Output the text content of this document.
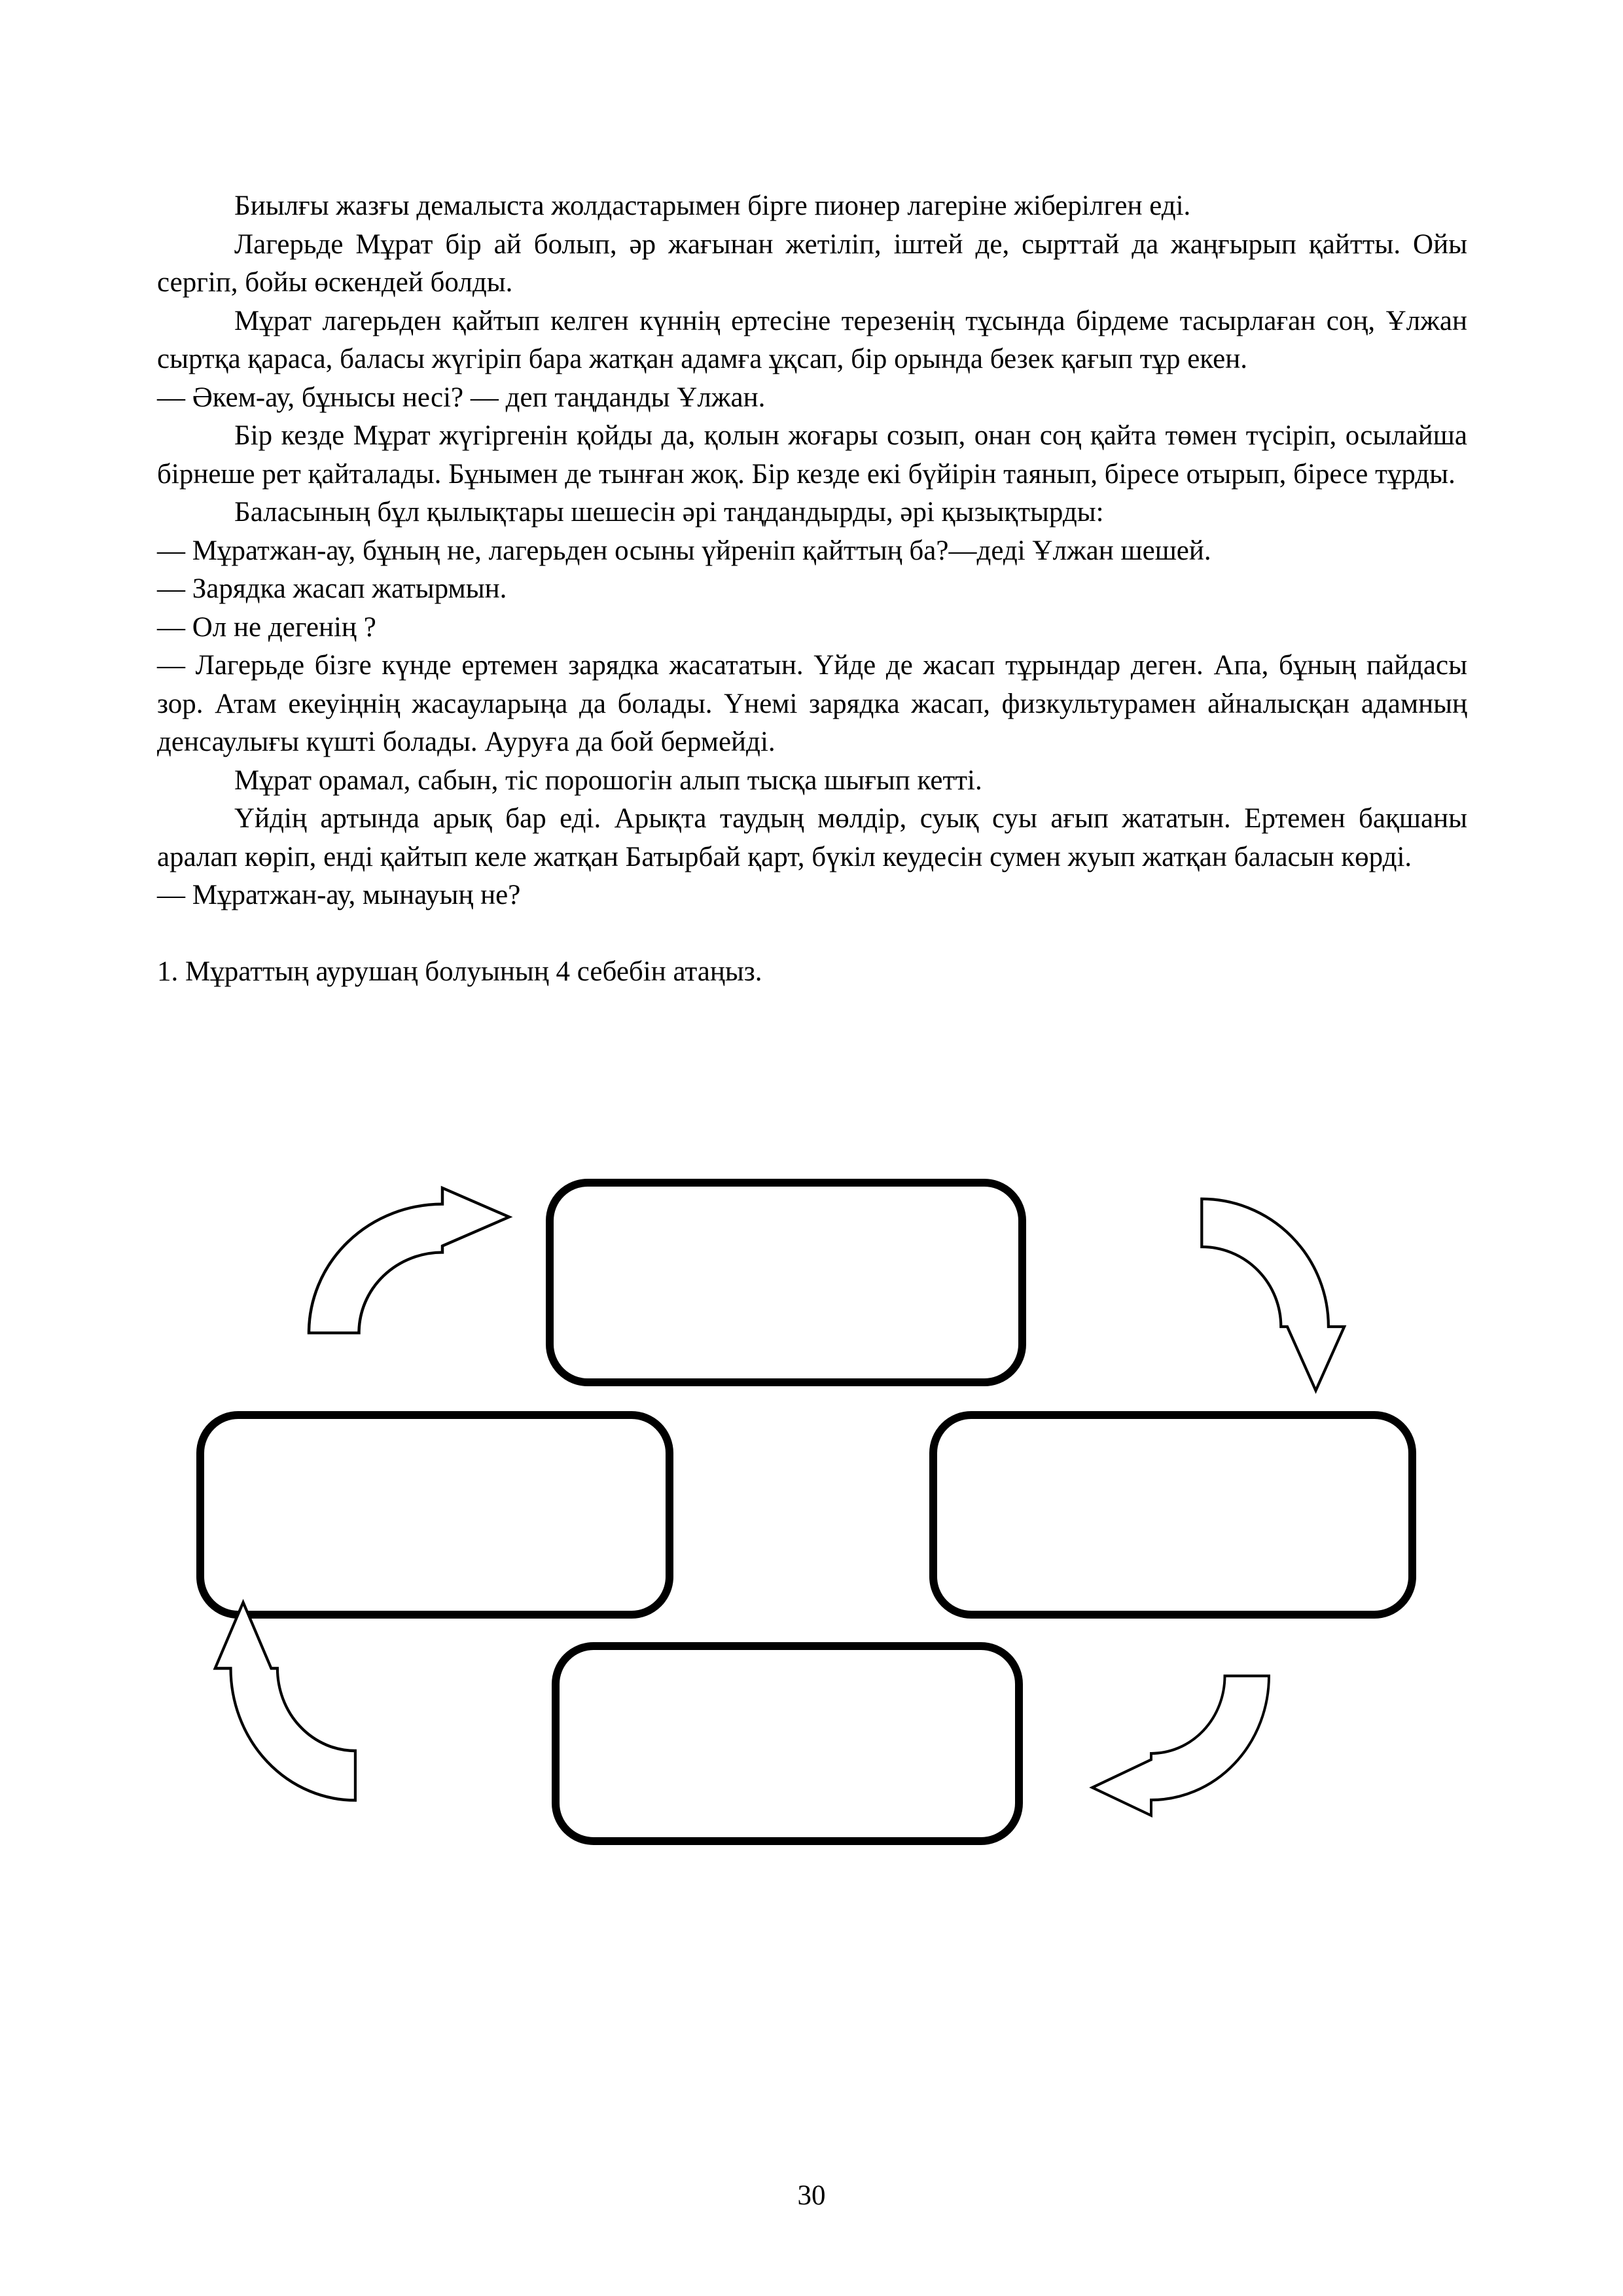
Биылғы жазғы демалыста жолдастарымен бірге пионер лагеріне жіберілген еді.

Лагерьде Мұрат бір ай болып, әр жағынан жетіліп, іштей де, сырттай да жаңғырып қайтты. Ойы сергіп, бойы өскендей болды.

Мұрат лагерьден қайтып келген күннің ертесіне терезенің тұсында бірдеме тасырлаған соң, Ұлжан сыртқа қараса, баласы жүгіріп бара жатқан адамға ұқсап, бір орында безек қағып тұр екен.

— Әкем-ау, бұнысы несі? — деп таңданды Ұлжан.

Бір кезде Мұрат жүгіргенін қойды да, қолын жоғары созып, онан соң қайта төмен түсіріп, осылайша бірнеше рет қайталады. Бұнымен де тынған жоқ. Бір кезде екі бүйірін таянып, біресе отырып, біресе тұрды.

Баласының бұл қылықтары шешесін әрі таңдандырды, әрі қызықтырды:

— Мұратжан-ау, бұның не, лагерьден осыны үйреніп қайттың ба?—деді Ұлжан шешей.

— Зарядка жасап жатырмын.

— Ол не дегенің ?

— Лагерьде бізге күнде ертемен зарядка жасататын. Үйде де жасап тұрындар деген. Апа, бұның пайдасы зор. Атам екеуіңнің жасауларыңа да болады. Үнемі зарядка жасап, физкультурамен айналысқан адамның денсаулығы күшті болады. Ауруға да бой бермейді.

Мұрат орамал, сабын, тіс порошогін алып тысқа шығып кетті.

Үйдің артында арық бар еді. Арықта таудың мөлдір, суық суы ағып жататын. Ертемен бақшаны аралап көріп, енді қайтып келе жатқан Батырбай қарт, бүкіл кеудесін сумен жуып жатқан баласын көрді.

— Мұратжан-ау, мынауың не?

1. Мұраттың аурушаң болуының 4 себебін атаңыз.

30
